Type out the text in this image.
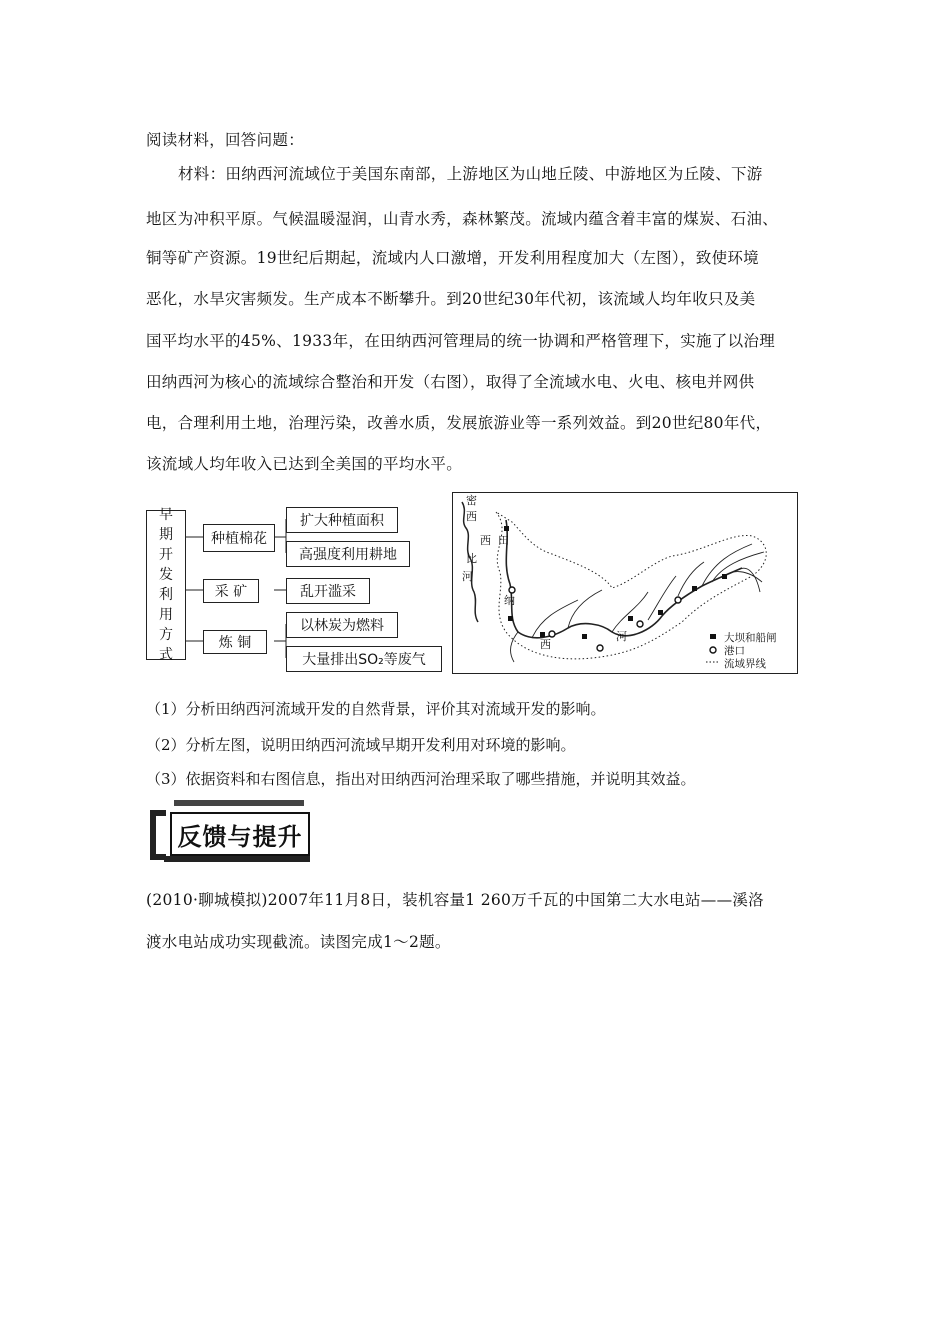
阅读材料，回答问题：
材料：田纳西河流域位于美国东南部，上游地区为山地丘陵、中游地区为丘陵、下游
地区为冲积平原。气候温暖湿润，山青水秀，森林繁茂。流域内蕴含着丰富的煤炭、石油、
铜等矿产资源。19世纪后期起，流域内人口激增，开发利用程度加大（左图），致使环境
恶化，水旱灾害频发。生产成本不断攀升。到20世纪30年代初，该流域人均年收只及美
国平均水平的45%、1933年，在田纳西河管理局的统一协调和严格管理下，实施了以治理
田纳西河为核心的流域综合整治和开发（右图），取得了全流域水电、火电、核电并网供
电，合理利用土地，治理污染，改善水质，发展旅游业等一系列效益。到20世纪80年代，
该流域人均年收入已达到全美国的平均水平。
早
期
开
发
利
用
方
式
种植棉花
采 矿
炼 铜
扩大种植面积
高强度利用耕地
乱开滥采
以林炭为燃料
大量排出SO₂等废气
密
西
西
比
河
田
纳
西
河	大坝和船闸
港口
流域界线
（1）分析田纳西河流域开发的自然背景，评价其对流域开发的影响。
（2）分析左图，说明田纳西河流域早期开发利用对环境的影响。
（3）依据资料和右图信息，指出对田纳西河治理采取了哪些措施，并说明其效益。
反馈与提升
(2010·聊城模拟)2007年11月8日，装机容量1 260万千瓦的中国第二大水电站——溪洛
渡水电站成功实现截流。读图完成1～2题。
